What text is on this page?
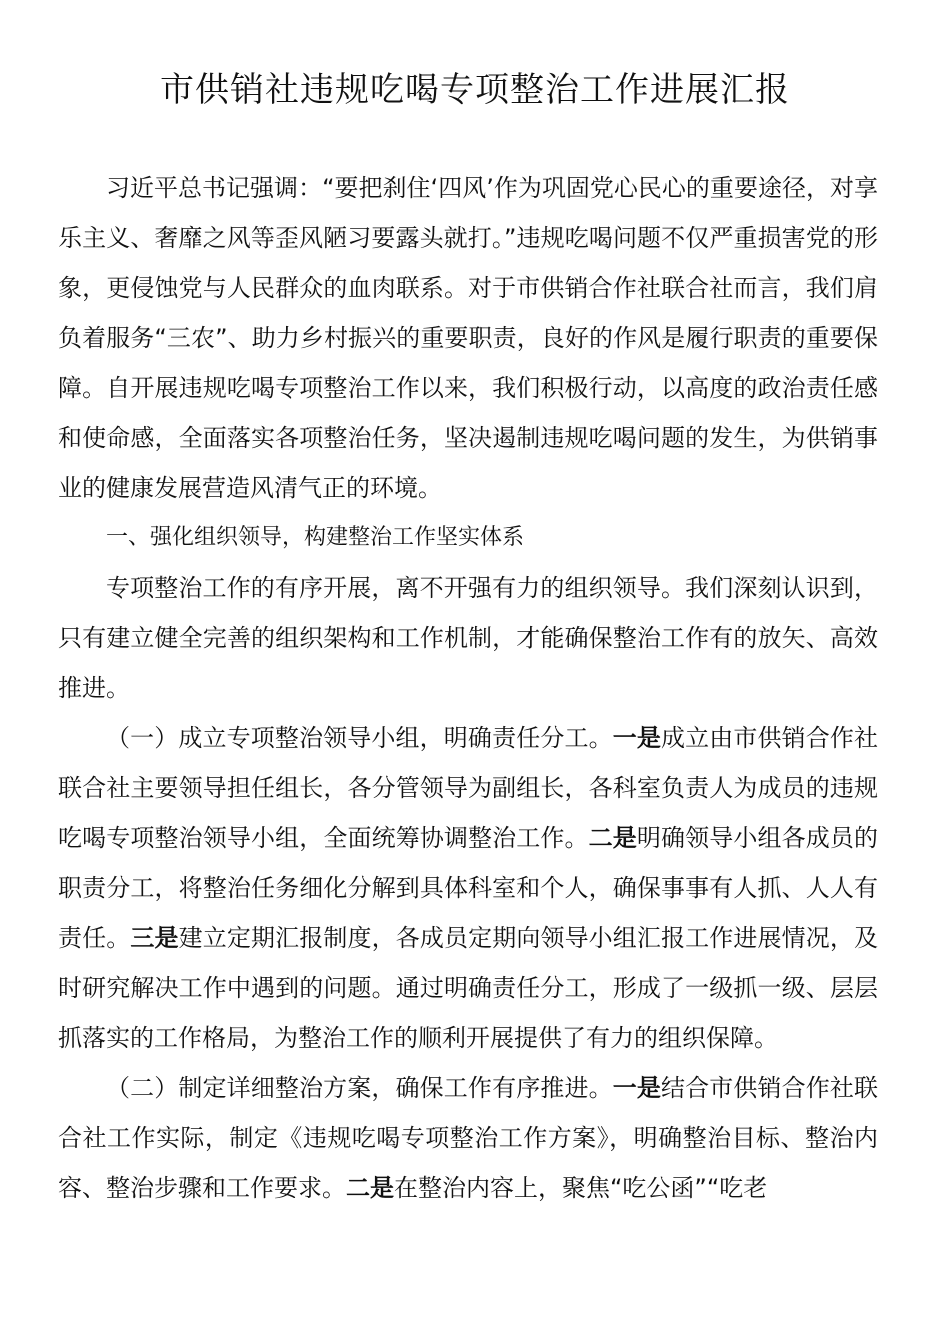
市供销社违规吃喝专项整治工作进展汇报

习近平总书记强调：“要把刹住‘四风’作为巩固党心民心的重要途径，对享乐主义、奢靡之风等歪风陋习要露头就打。”违规吃喝问题不仅严重损害党的形象，更侵蚀党与人民群众的血肉联系。对于市供销合作社联合社而言，我们肩负着服务“三农”、助力乡村振兴的重要职责，良好的作风是履行职责的重要保障。自开展违规吃喝专项整治工作以来，我们积极行动，以高度的政治责任感和使命感，全面落实各项整治任务，坚决遏制违规吃喝问题的发生，为供销事业的健康发展营造风清气正的环境。

一、强化组织领导，构建整治工作坚实体系

专项整治工作的有序开展，离不开强有力的组织领导。我们深刻认识到，只有建立健全完善的组织架构和工作机制，才能确保整治工作有的放矢、高效推进。

（一）成立专项整治领导小组，明确责任分工。一是成立由市供销合作社联合社主要领导担任组长，各分管领导为副组长，各科室负责人为成员的违规吃喝专项整治领导小组，全面统筹协调整治工作。二是明确领导小组各成员的职责分工，将整治任务细化分解到具体科室和个人，确保事事有人抓、人人有责任。三是建立定期汇报制度，各成员定期向领导小组汇报工作进展情况，及时研究解决工作中遇到的问题。通过明确责任分工，形成了一级抓一级、层层抓落实的工作格局，为整治工作的顺利开展提供了有力的组织保障。

（二）制定详细整治方案，确保工作有序推进。一是结合市供销合作社联合社工作实际，制定《违规吃喝专项整治工作方案》，明确整治目标、整治内容、整治步骤和工作要求。二是在整治内容上，聚焦“吃公函”“吃老
